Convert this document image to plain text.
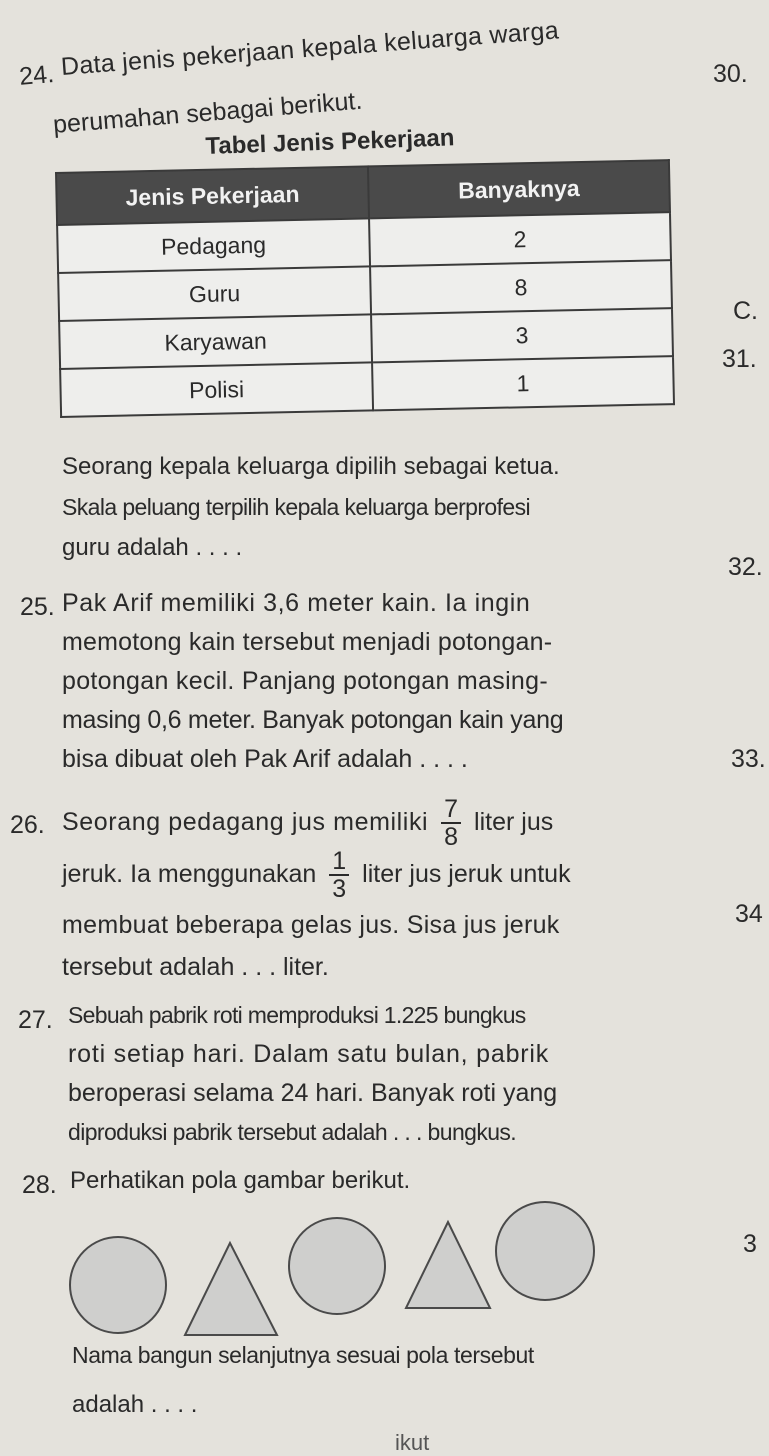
24. Data jenis pekerjaan kepala keluarga warga
perumahan sebagai berikut.
Tabel Jenis Pekerjaan
Jenis Pekerjaan	Banyaknya
Pedagang	2
Guru	8
Karyawan	3
Polisi	1
Seorang kepala keluarga dipilih sebagai ketua.
Skala peluang terpilih kepala keluarga berprofesi
guru adalah . . . .
25. Pak Arif memiliki 3,6 meter kain. Ia ingin
memotong kain tersebut menjadi potongan-
potongan kecil. Panjang potongan masing-
masing 0,6 meter. Banyak potongan kain yang
bisa dibuat oleh Pak Arif adalah . . . .
26. Seorang pedagang jus memiliki $\frac{7}{8}$ liter jus
jeruk. Ia menggunakan $\frac{1}{3}$ liter jus jeruk untuk
membuat beberapa gelas jus. Sisa jus jeruk
tersebut adalah . . . liter.
27. Sebuah pabrik roti memproduksi 1.225 bungkus
roti setiap hari. Dalam satu bulan, pabrik
beroperasi selama 24 hari. Banyak roti yang
diproduksi pabrik tersebut adalah . . . bungkus.
28. Perhatikan pola gambar berikut.
Nama bangun selanjutnya sesuai pola tersebut
adalah . . . .
30.
C.
31.
32.
33.
34
3
ikut
